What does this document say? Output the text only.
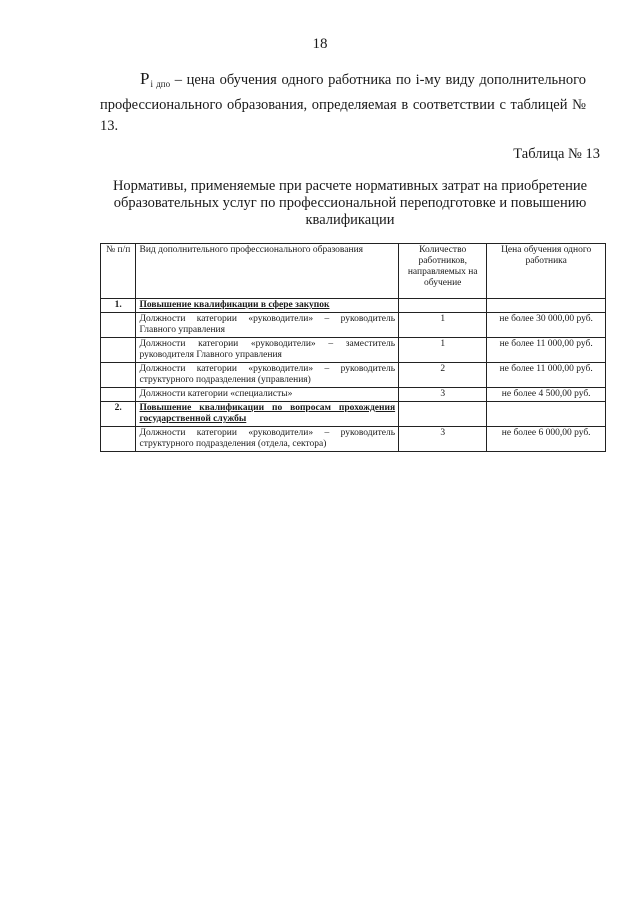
18
$P_{i дпо}$ – цена обучения одного работника по i-му виду дополнительного профессионального образования, определяемая в соответствии с таблицей № 13.
Таблица № 13
Нормативы, применяемые при расчете нормативных затрат на приобретение образовательных услуг по профессиональной переподготовке и повышению квалификации
№ п/п	Вид дополнительного профессионального образования	Количество работников, направляемых на обучение	Цена обучения одного работника
1.	Повышение квалификации в сфере закупок		
	Должности категории «руководители» – руководитель Главного управления	1	не более 30 000,00 руб.
	Должности категории «руководители» – заместитель руководителя Главного управления	1	не более 11 000,00 руб.
	Должности категории «руководители» – руководитель структурного подразделения (управления)	2	не более 11 000,00 руб.
	Должности категории «специалисты»	3	не более 4 500,00 руб.
2.	Повышение квалификации по вопросам прохождения государственной службы		
	Должности категории «руководители» – руководитель структурного подразделения (отдела, сектора)	3	не более 6 000,00 руб.
